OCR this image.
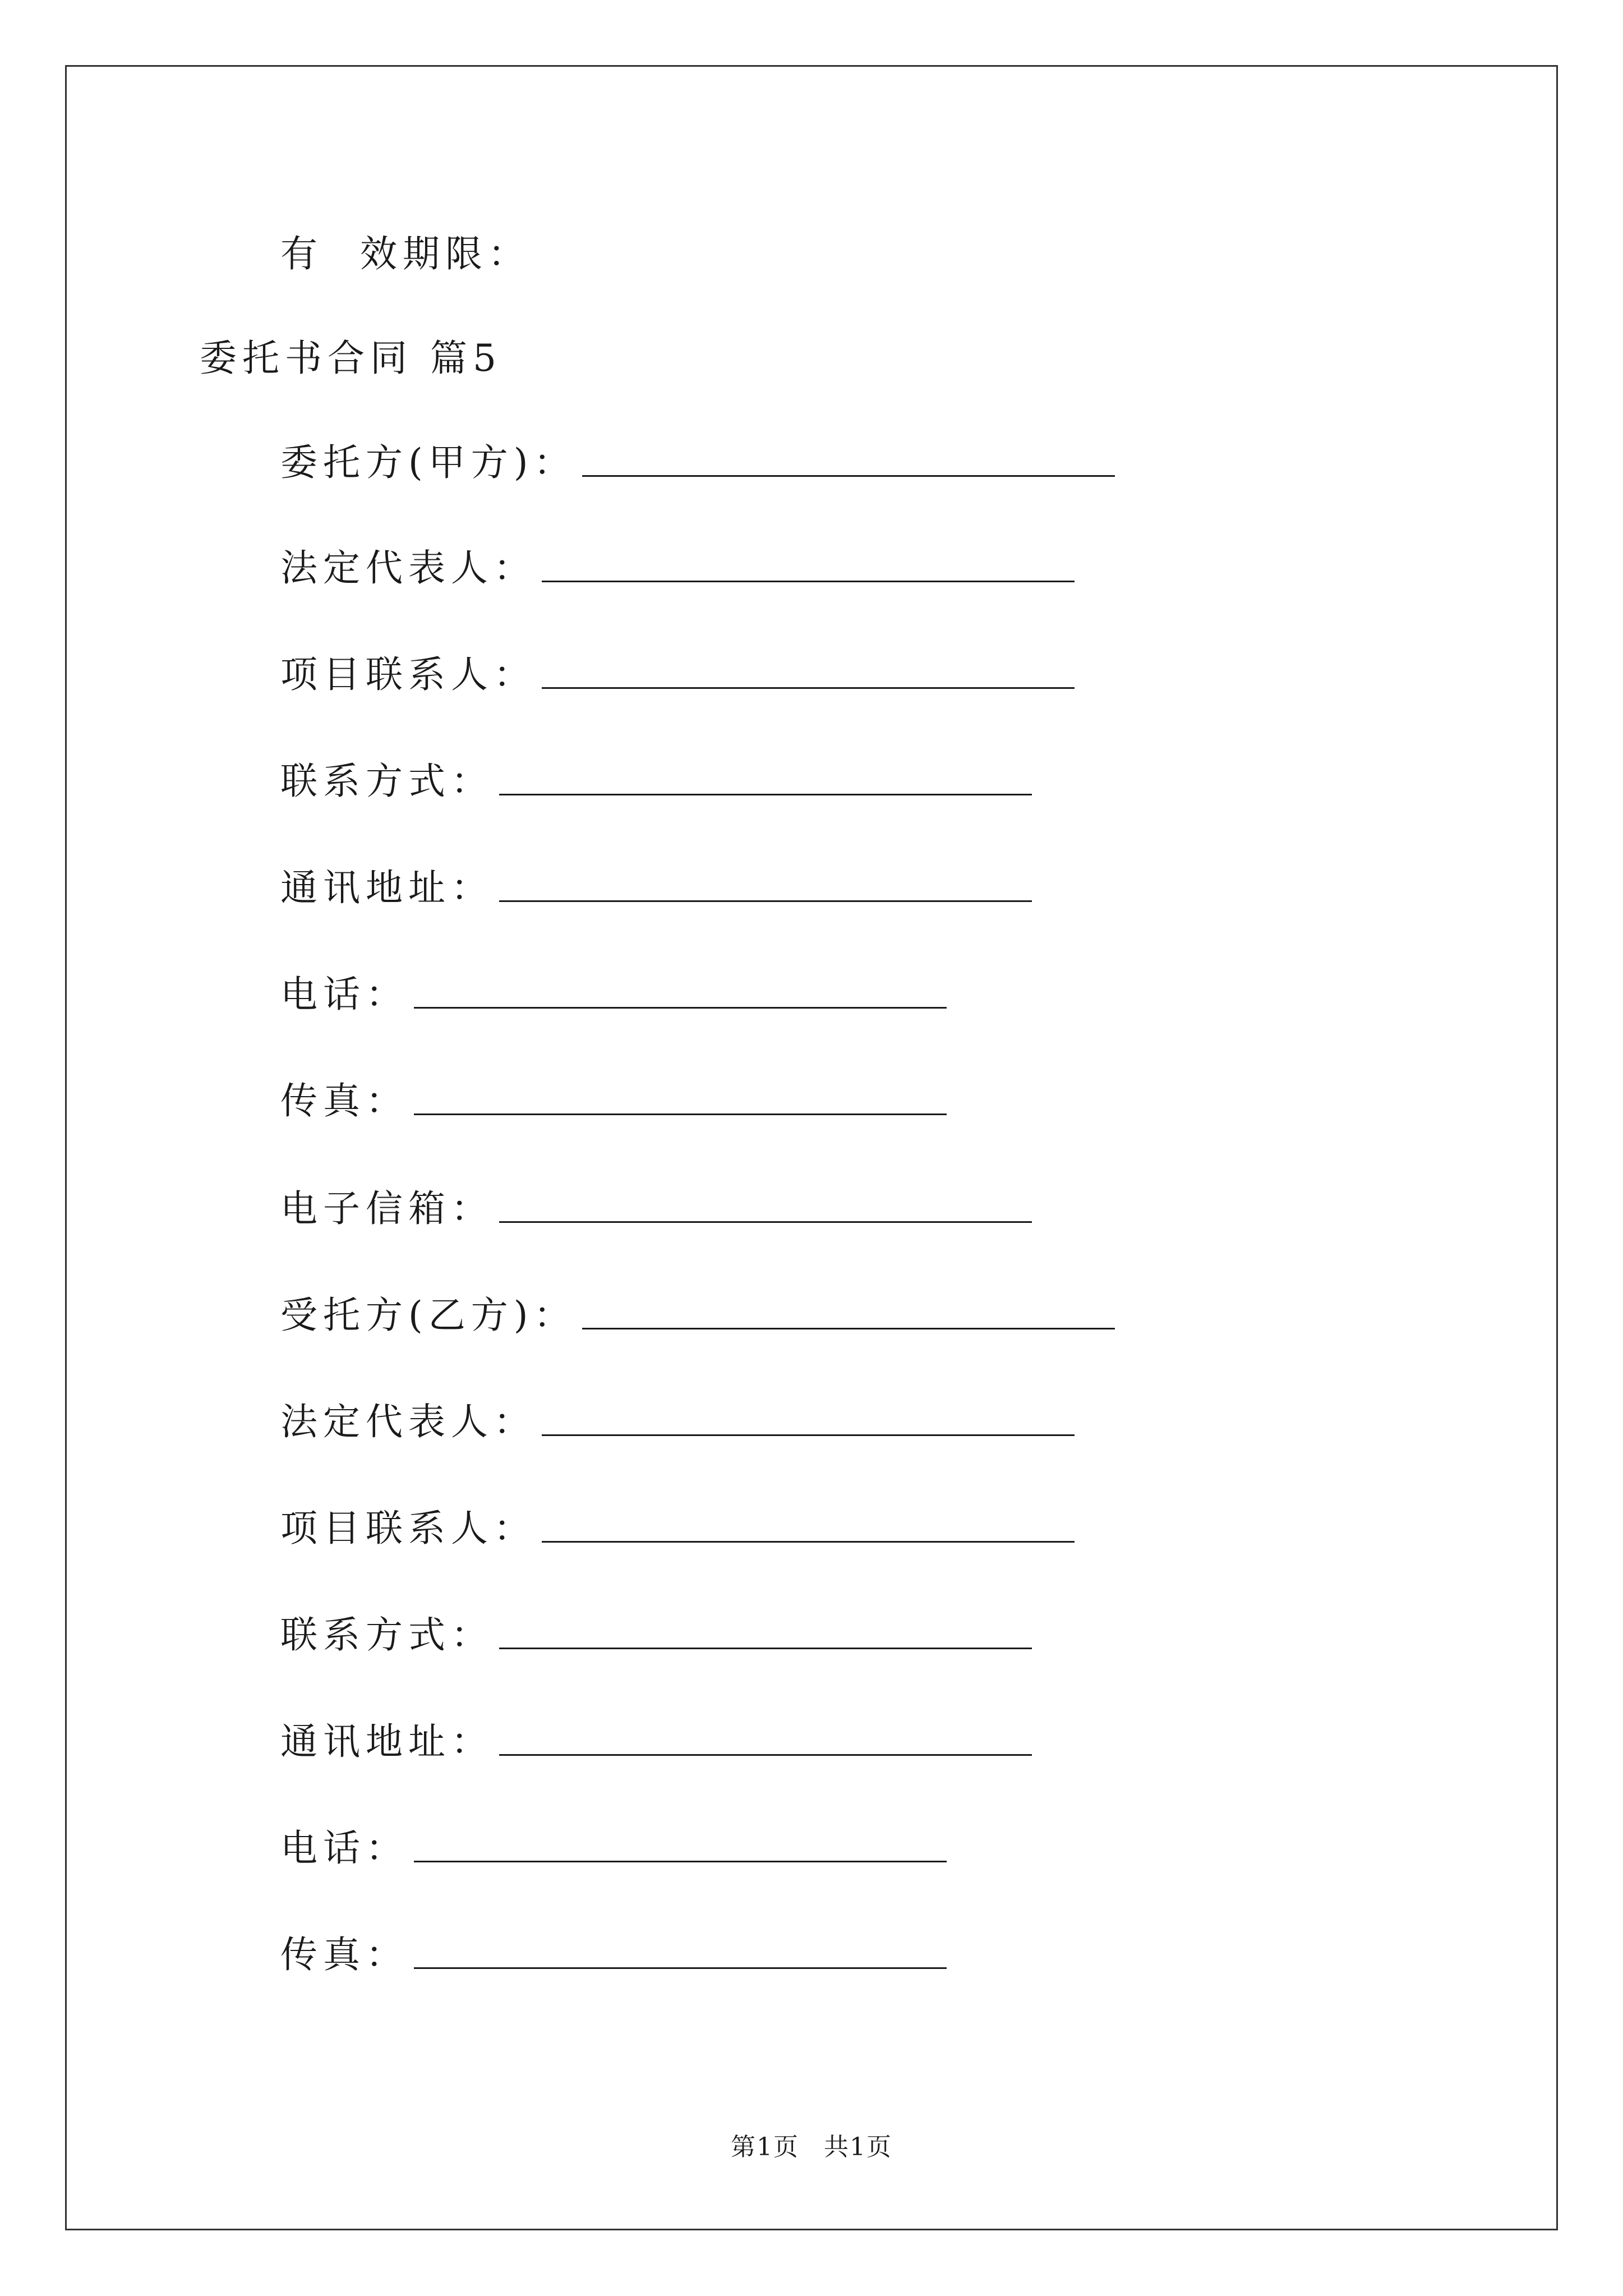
有 效期限：
委托书合同 篇5
委托方(甲方)：
法定代表人：
项目联系人：
联系方式：
通讯地址：
电话：
传真：
电子信箱：
受托方(乙方)：
法定代表人：
项目联系人：
联系方式：
通讯地址：
电话：
传真：
第1页 共1页
